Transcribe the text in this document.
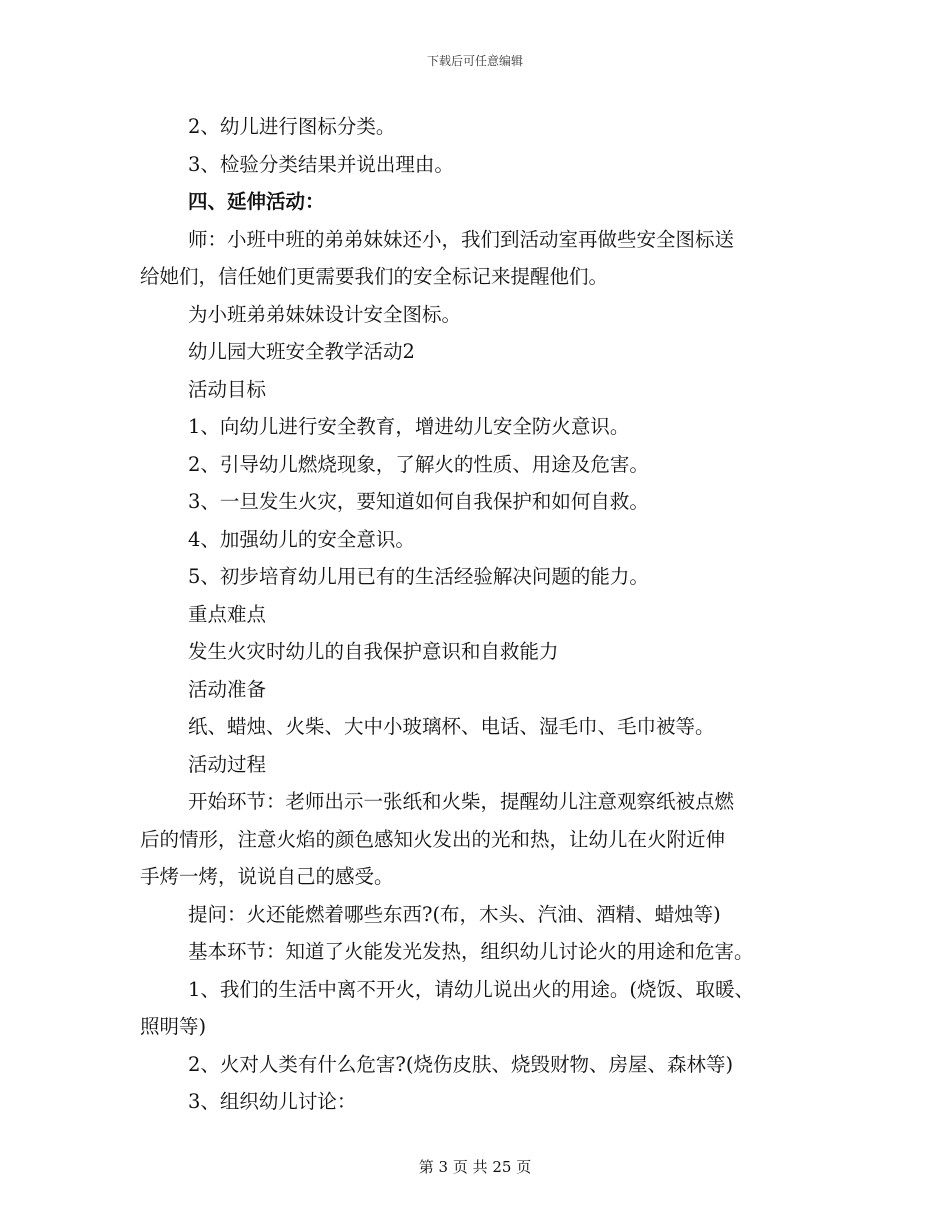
下载后可任意编辑
2、幼儿进行图标分类。
3、检验分类结果并说出理由。
四、延伸活动：
师：小班中班的弟弟妹妹还小，我们到活动室再做些安全图标送
给她们，信任她们更需要我们的安全标记来提醒他们。
为小班弟弟妹妹设计安全图标。
幼儿园大班安全教学活动2
活动目标
1、向幼儿进行安全教育，增进幼儿安全防火意识。
2、引导幼儿燃烧现象，了解火的性质、用途及危害。
3、一旦发生火灾，要知道如何自我保护和如何自救。
4、加强幼儿的安全意识。
5、初步培育幼儿用已有的生活经验解决问题的能力。
重点难点
发生火灾时幼儿的自我保护意识和自救能力
活动准备
纸、蜡烛、火柴、大中小玻璃杯、电话、湿毛巾、毛巾被等。
活动过程
开始环节：老师出示一张纸和火柴，提醒幼儿注意观察纸被点燃
后的情形，注意火焰的颜色感知火发出的光和热，让幼儿在火附近伸
手烤一烤，说说自己的感受。
提问：火还能燃着哪些东西?(布，木头、汽油、酒精、蜡烛等)
基本环节：知道了火能发光发热，组织幼儿讨论火的用途和危害。
1、我们的生活中离不开火，请幼儿说出火的用途。(烧饭、取暖、
照明等)
2、火对人类有什么危害?(烧伤皮肤、烧毁财物、房屋、森林等)
3、组织幼儿讨论：
第 3 页 共 25 页
